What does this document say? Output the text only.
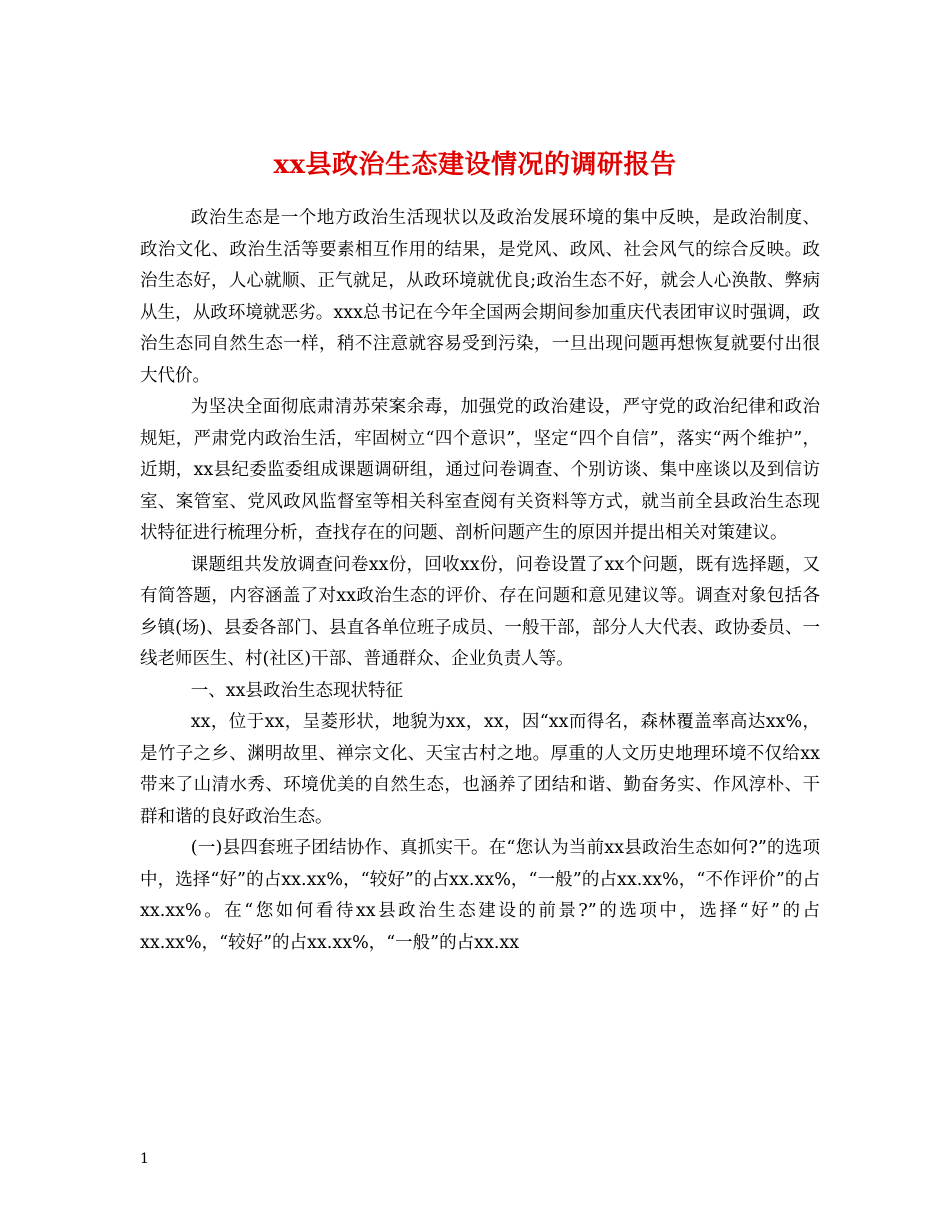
xx县政治生态建设情况的调研报告

政治生态是一个地方政治生活现状以及政治发展环境的集中反映，是政治制度、政治文化、政治生活等要素相互作用的结果，是党风、政风、社会风气的综合反映。政治生态好，人心就顺、正气就足，从政环境就优良;政治生态不好，就会人心涣散、弊病从生，从政环境就恶劣。xxx总书记在今年全国两会期间参加重庆代表团审议时强调，政治生态同自然生态一样，稍不注意就容易受到污染，一旦出现问题再想恢复就要付出很大代价。

为坚决全面彻底肃清苏荣案余毒，加强党的政治建设，严守党的政治纪律和政治规矩，严肃党内政治生活，牢固树立“四个意识”，坚定“四个自信”，落实“两个维护”，近期，xx县纪委监委组成课题调研组，通过问卷调查、个别访谈、集中座谈以及到信访室、案管室、党风政风监督室等相关科室查阅有关资料等方式，就当前全县政治生态现状特征进行梳理分析，查找存在的问题、剖析问题产生的原因并提出相关对策建议。

课题组共发放调查问卷xx份，回收xx份，问卷设置了xx个问题，既有选择题，又有简答题，内容涵盖了对xx政治生态的评价、存在问题和意见建议等。调查对象包括各乡镇(场)、县委各部门、县直各单位班子成员、一般干部，部分人大代表、政协委员、一线老师医生、村(社区)干部、普通群众、企业负责人等。

一、xx县政治生态现状特征

xx，位于xx，呈菱形状，地貌为xx，xx，因“xx而得名，森林覆盖率高达xx%，是竹子之乡、渊明故里、禅宗文化、天宝古村之地。厚重的人文历史地理环境不仅给xx带来了山清水秀、环境优美的自然生态，也涵养了团结和谐、勤奋务实、作风淳朴、干群和谐的良好政治生态。

(一)县四套班子团结协作、真抓实干。在“您认为当前xx县政治生态如何?”的选项中，选择“好”的占xx.xx%，“较好”的占xx.xx%，“一般”的占xx.xx%，“不作评价”的占xx.xx%。在“您如何看待xx县政治生态建设的前景?”的选项中，选择“好”的占xx.xx%，“较好”的占xx.xx%，“一般”的占xx.xx

1
